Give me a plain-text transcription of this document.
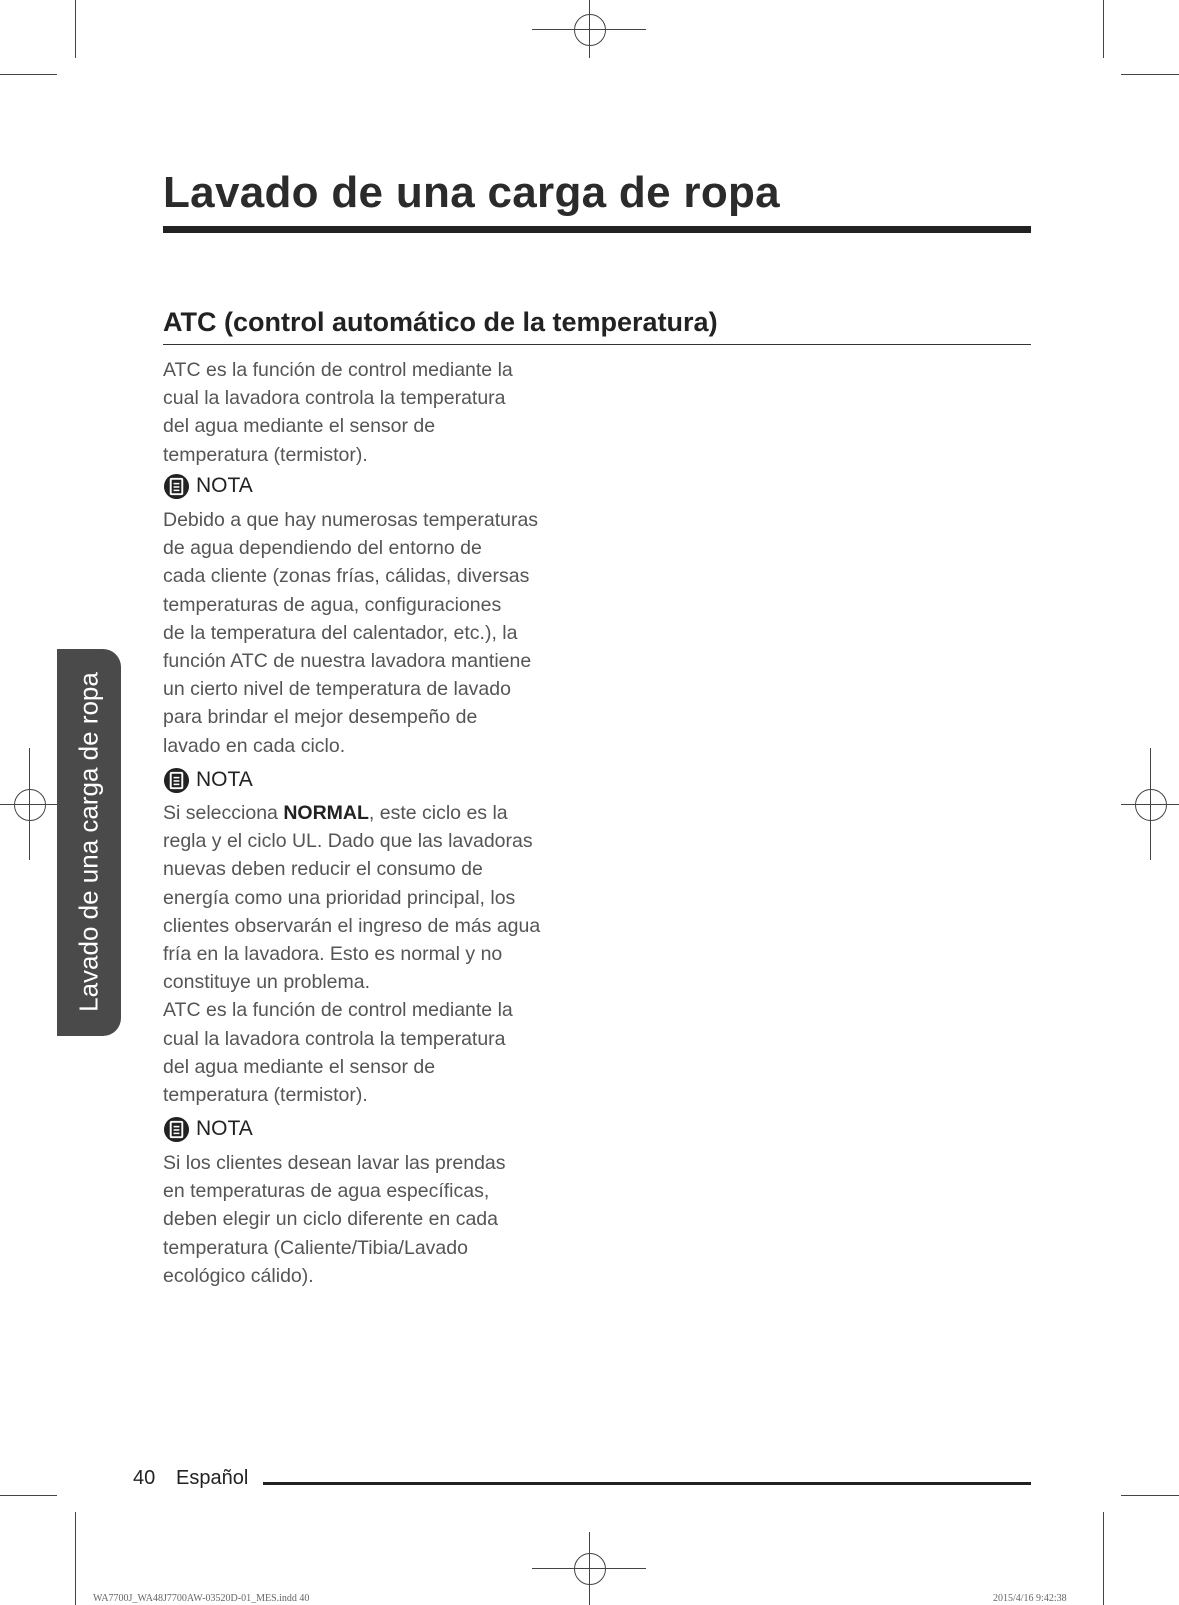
Lavado de una carga de ropa
ATC (control automático de la temperatura)
ATC es la función de control mediante la
cual la lavadora controla la temperatura
del agua mediante el sensor de
temperatura (termistor).
NOTA
Debido a que hay numerosas temperaturas
de agua dependiendo del entorno de
cada cliente (zonas frías, cálidas, diversas
temperaturas de agua, configuraciones
de la temperatura del calentador, etc.), la
función ATC de nuestra lavadora mantiene
un cierto nivel de temperatura de lavado
para brindar el mejor desempeño de
lavado en cada ciclo.
NOTA
Si selecciona NORMAL, este ciclo es la
regla y el ciclo UL. Dado que las lavadoras
nuevas deben reducir el consumo de
energía como una prioridad principal, los
clientes observarán el ingreso de más agua
fría en la lavadora. Esto es normal y no
constituye un problema.
ATC es la función de control mediante la
cual la lavadora controla la temperatura
del agua mediante el sensor de
temperatura (termistor).
NOTA
Si los clientes desean lavar las prendas
en temperaturas de agua específicas,
deben elegir un ciclo diferente en cada
temperatura (Caliente/Tibia/Lavado
ecológico cálido).
Lavado de una carga de ropa
40 Español
WA7700J_WA48J7700AW-03520D-01_MES.indd 40	2015/4/16 9:42:38
